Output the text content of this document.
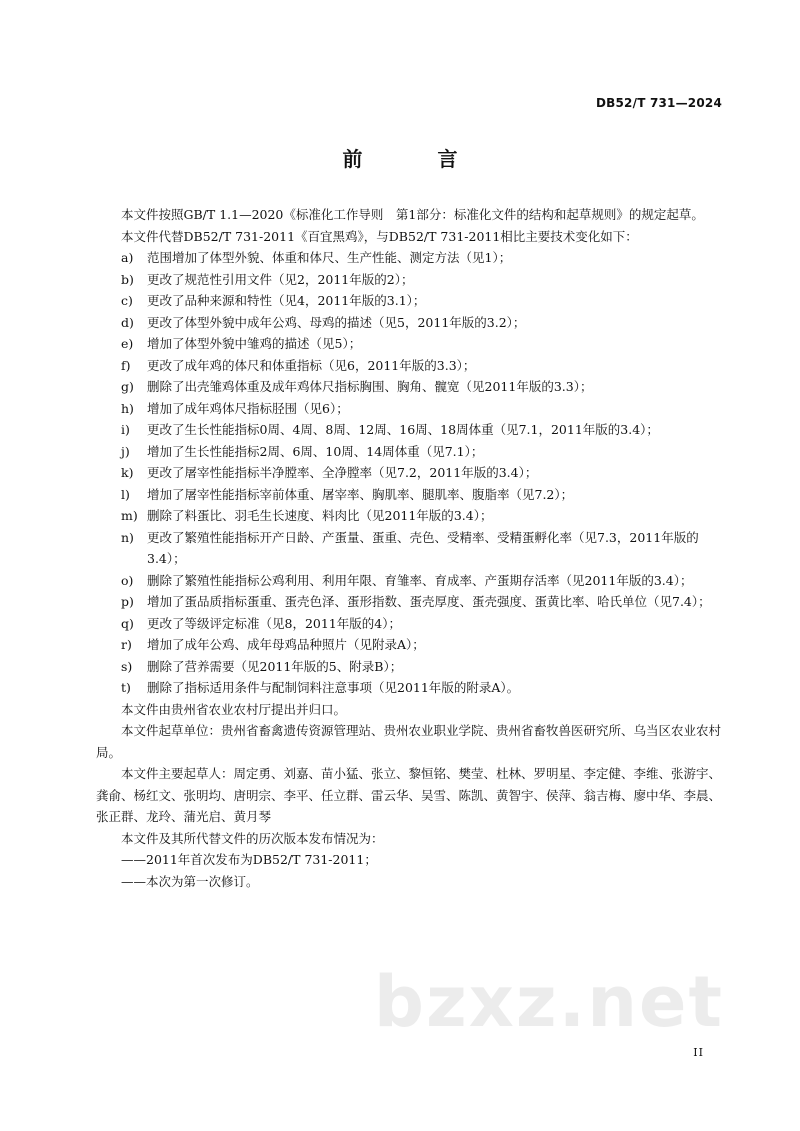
DB52/T 731—2024
前 言

本文件按照GB/T 1.1—2020《标准化工作导则　第1部分：标准化文件的结构和起草规则》的规定起草。

本文件代替DB52/T 731-2011《百宜黑鸡》，与DB52/T 731-2011相比主要技术变化如下：

a)	范围增加了体型外貌、体重和体尺、生产性能、测定方法（见1）；
b)	更改了规范性引用文件（见2，2011年版的2）；
c)	更改了品种来源和特性（见4，2011年版的3.1）；
d)	更改了体型外貌中成年公鸡、母鸡的描述（见5，2011年版的3.2）；
e)	增加了体型外貌中雏鸡的描述（见5）；
f)	更改了成年鸡的体尺和体重指标（见6，2011年版的3.3）；
g)	删除了出壳雏鸡体重及成年鸡体尺指标胸围、胸角、髋宽（见2011年版的3.3）；
h)	增加了成年鸡体尺指标胫围（见6）；
i)	更改了生长性能指标0周、4周、8周、12周、16周、18周体重（见7.1，2011年版的3.4）；
j)	增加了生长性能指标2周、6周、10周、14周体重（见7.1）；
k)	更改了屠宰性能指标半净膛率、全净膛率（见7.2，2011年版的3.4）；
l)	增加了屠宰性能指标宰前体重、屠宰率、胸肌率、腿肌率、腹脂率（见7.2）；
m) 删除了料蛋比、羽毛生长速度、料肉比（见2011年版的3.4）；
n)	更改了繁殖性能指标开产日龄、产蛋量、蛋重、壳色、受精率、受精蛋孵化率（见7.3，2011年版的3.4）；
o)	删除了繁殖性能指标公鸡利用、利用年限、育雏率、育成率、产蛋期存活率（见2011年版的3.4）；
p)	增加了蛋品质指标蛋重、蛋壳色泽、蛋形指数、蛋壳厚度、蛋壳强度、蛋黄比率、哈氏单位（见7.4）；
q)	更改了等级评定标准（见8，2011年版的4）；
r)	增加了成年公鸡、成年母鸡品种照片（见附录A）；
s)	删除了营养需要（见2011年版的5、附录B）；
t)	删除了指标适用条件与配制饲料注意事项（见2011年版的附录A）。

本文件由贵州省农业农村厅提出并归口。

本文件起草单位：贵州省畜禽遗传资源管理站、贵州农业职业学院、贵州省畜牧兽医研究所、乌当区农业农村局。

本文件主要起草人：周定勇、刘嘉、苗小猛、张立、黎恒铭、樊莹、杜林、罗明星、李定健、李维、张游宇、龚俞、杨红文、张明均、唐明宗、李平、任立群、雷云华、吴雪、陈凯、黄智宇、侯萍、翁吉梅、廖中华、李晨、张正群、龙玲、蒲光启、黄月琴

本文件及其所代替文件的历次版本发布情况为：

——2011年首次发布为DB52/T 731-2011；

——本次为第一次修订。

bzxz.net
II
